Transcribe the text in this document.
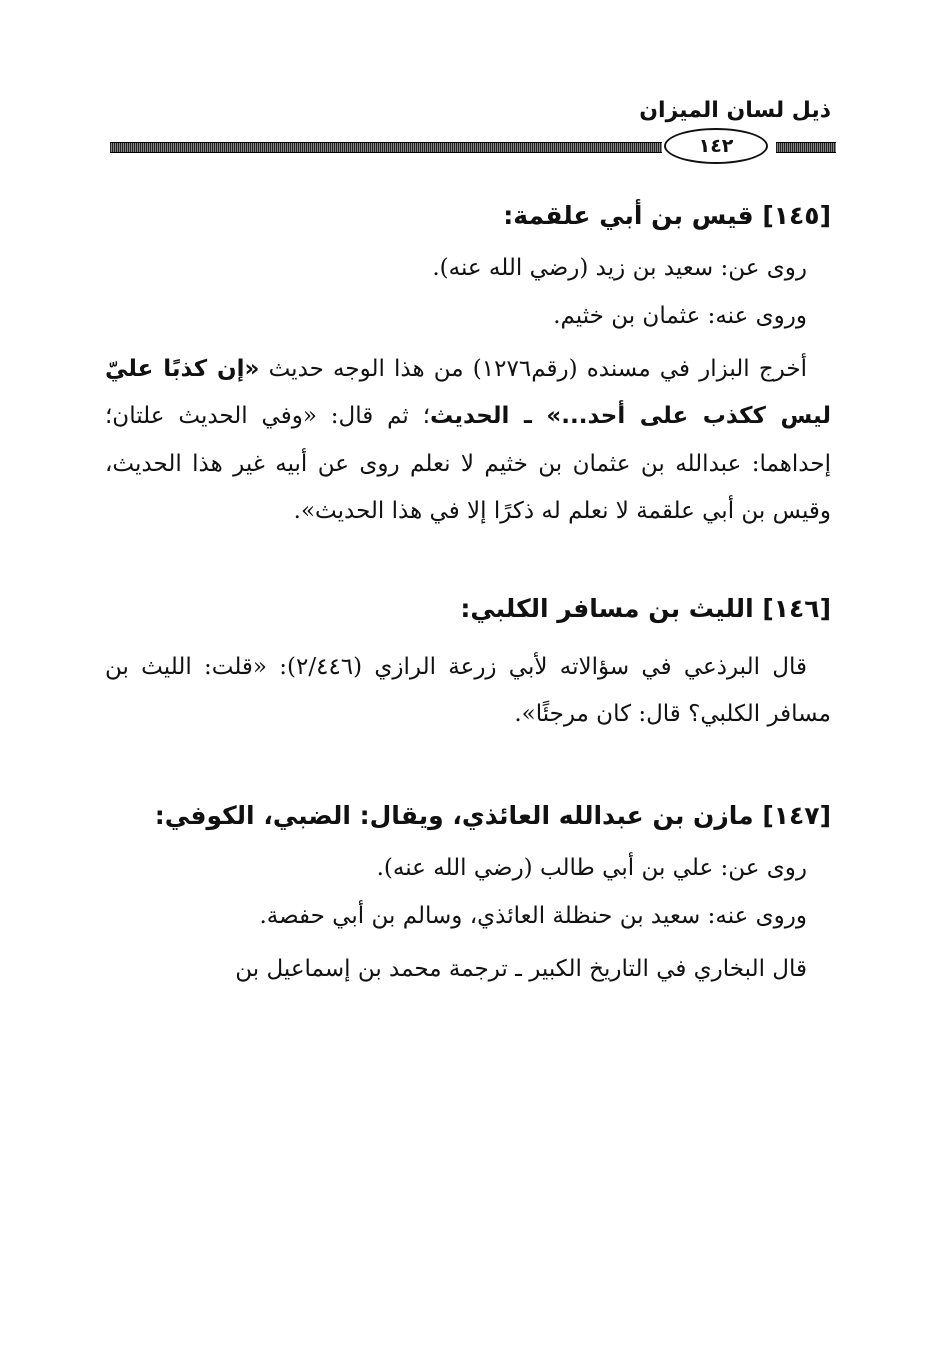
ذيل لسان الميزان
١٤٢
[١٤٥] قيس بن أبي علقمة:

روى عن: سعيد بن زيد (رضي الله عنه).

وروى عنه: عثمان بن خثيم.

أخرج البزار في مسنده (رقم١٢٧٦) من هذا الوجه حديث «إن كذبًا عليّ ليس ككذب على أحد...» ـ الحديث؛ ثم قال: «وفي الحديث علتان؛ إحداهما: عبدالله بن عثمان بن خثيم لا نعلم روى عن أبيه غير هذا الحديث، وقيس بن أبي علقمة لا نعلم له ذكرًا إلا في هذا الحديث».

[١٤٦] الليث بن مسافر الكلبي:

قال البرذعي في سؤالاته لأبي زرعة الرازي (٢/٤٤٦): «قلت: الليث بن مسافر الكلبي؟ قال: كان مرجئًا».

[١٤٧] مازن بن عبدالله العائذي، ويقال: الضبي، الكوفي:

روى عن: علي بن أبي طالب (رضي الله عنه).

وروى عنه: سعيد بن حنظلة العائذي، وسالم بن أبي حفصة.

قال البخاري في التاريخ الكبير ـ ترجمة محمد بن إسماعيل بن
